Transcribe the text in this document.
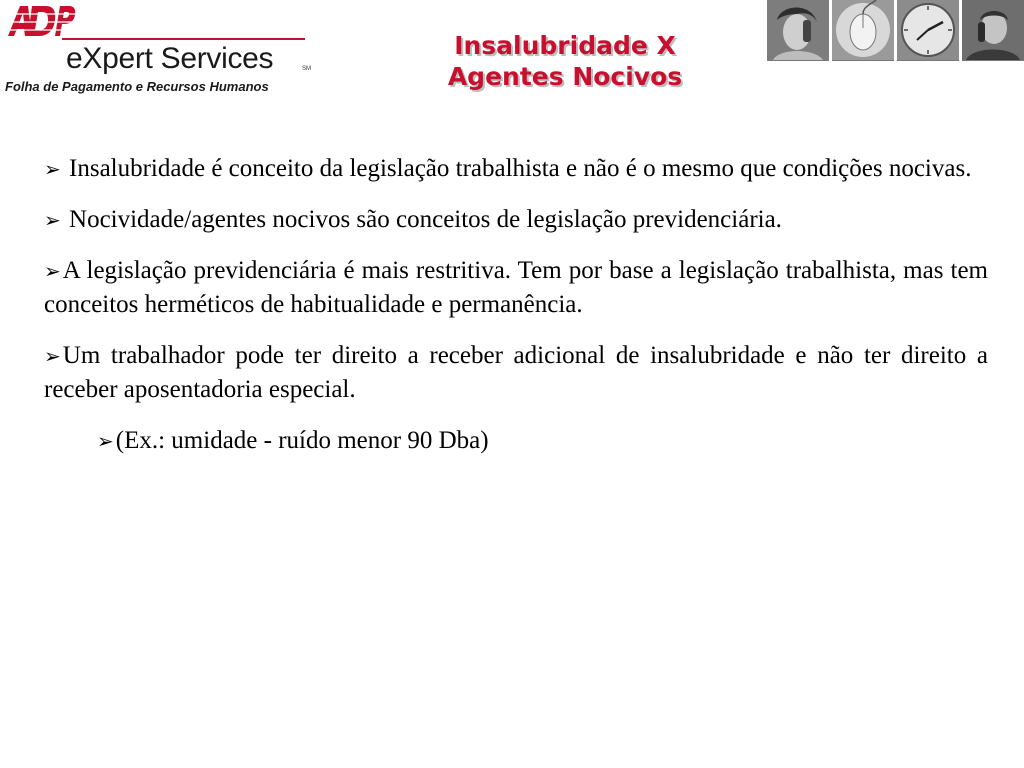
eXpert Services	SM
Folha de Pagamento e Recursos Humanos
Insalubridade X
Agentes Nocivos

➢ Insalubridade é conceito da legislação trabalhista e não é o mesmo que condições nocivas.

➢ Nocividade/agentes nocivos são conceitos de legislação previdenciária.

➢A legislação previdenciária é mais restritiva. Tem por base a legislação trabalhista, mas tem conceitos herméticos de habitualidade e permanência.

➢Um trabalhador pode ter direito a receber adicional de insalubridade e não ter direito a receber aposentadoria especial.

➢(Ex.: umidade - ruído menor 90 Dba)
